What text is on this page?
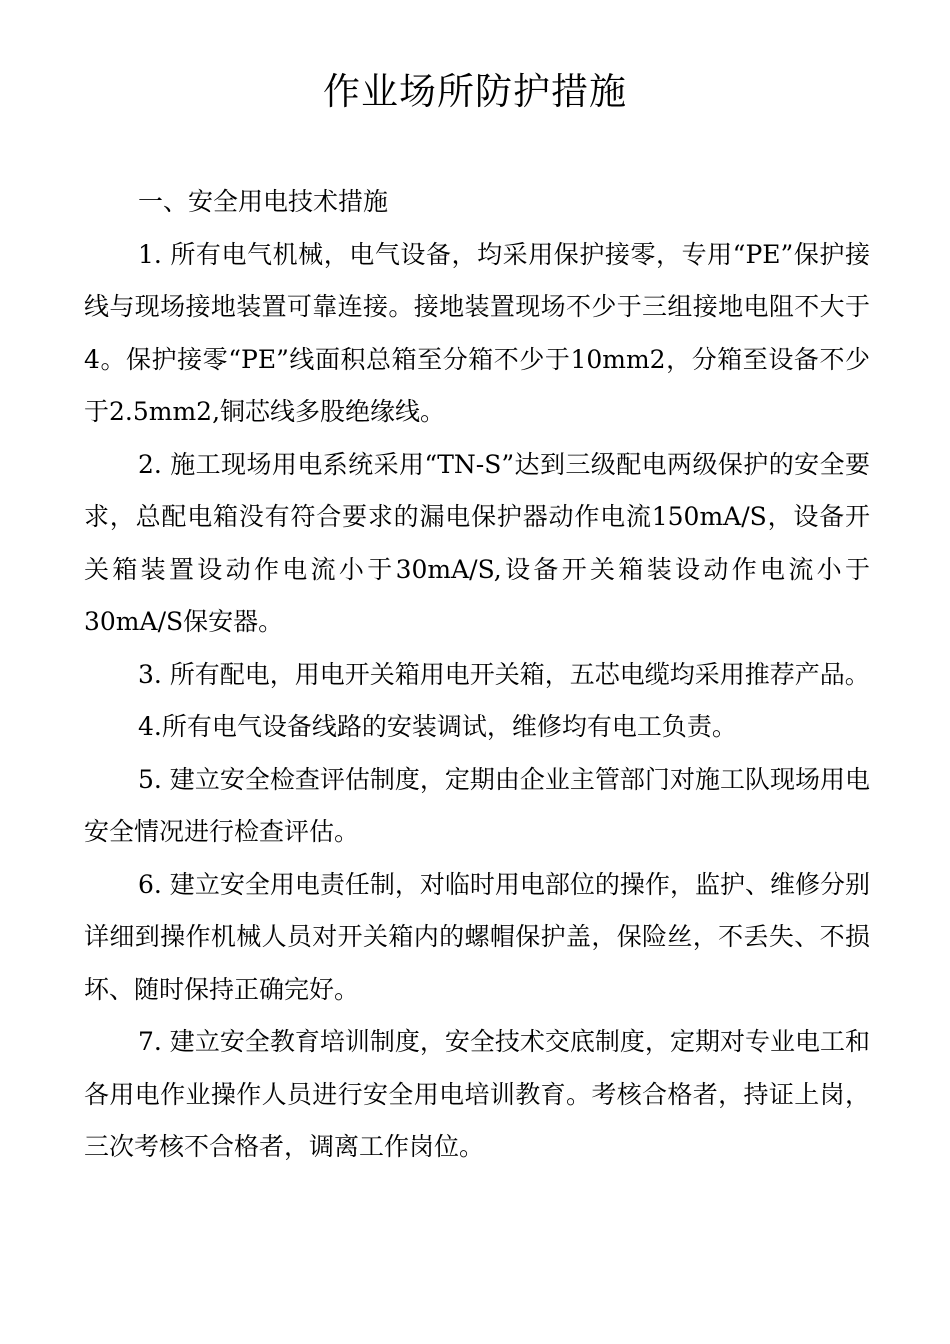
作业场所防护措施

一、安全用电技术措施

1. 所有电气机械，电气设备，均采用保护接零，专用“PE”保护接线与现场接地装置可靠连接。接地装置现场不少于三组接地电阻不大于4。保护接零“PE”线面积总箱至分箱不少于10mm2，分箱至设备不少于2.5mm2,铜芯线多股绝缘线。

2. 施工现场用电系统采用“TN-S”达到三级配电两级保护的安全要求，总配电箱没有符合要求的漏电保护器动作电流150mA/S，设备开关箱装置设动作电流小于30mA/S,设备开关箱装设动作电流小于30mA/S保安器。

3. 所有配电，用电开关箱用电开关箱，五芯电缆均采用推荐产品。

4.所有电气设备线路的安装调试，维修均有电工负责。

5. 建立安全检查评估制度，定期由企业主管部门对施工队现场用电安全情况进行检查评估。

6. 建立安全用电责任制，对临时用电部位的操作，监护、维修分别详细到操作机械人员对开关箱内的螺帽保护盖，保险丝，不丢失、不损坏、随时保持正确完好。

7. 建立安全教育培训制度，安全技术交底制度，定期对专业电工和各用电作业操作人员进行安全用电培训教育。考核合格者，持证上岗，三次考核不合格者，调离工作岗位。
